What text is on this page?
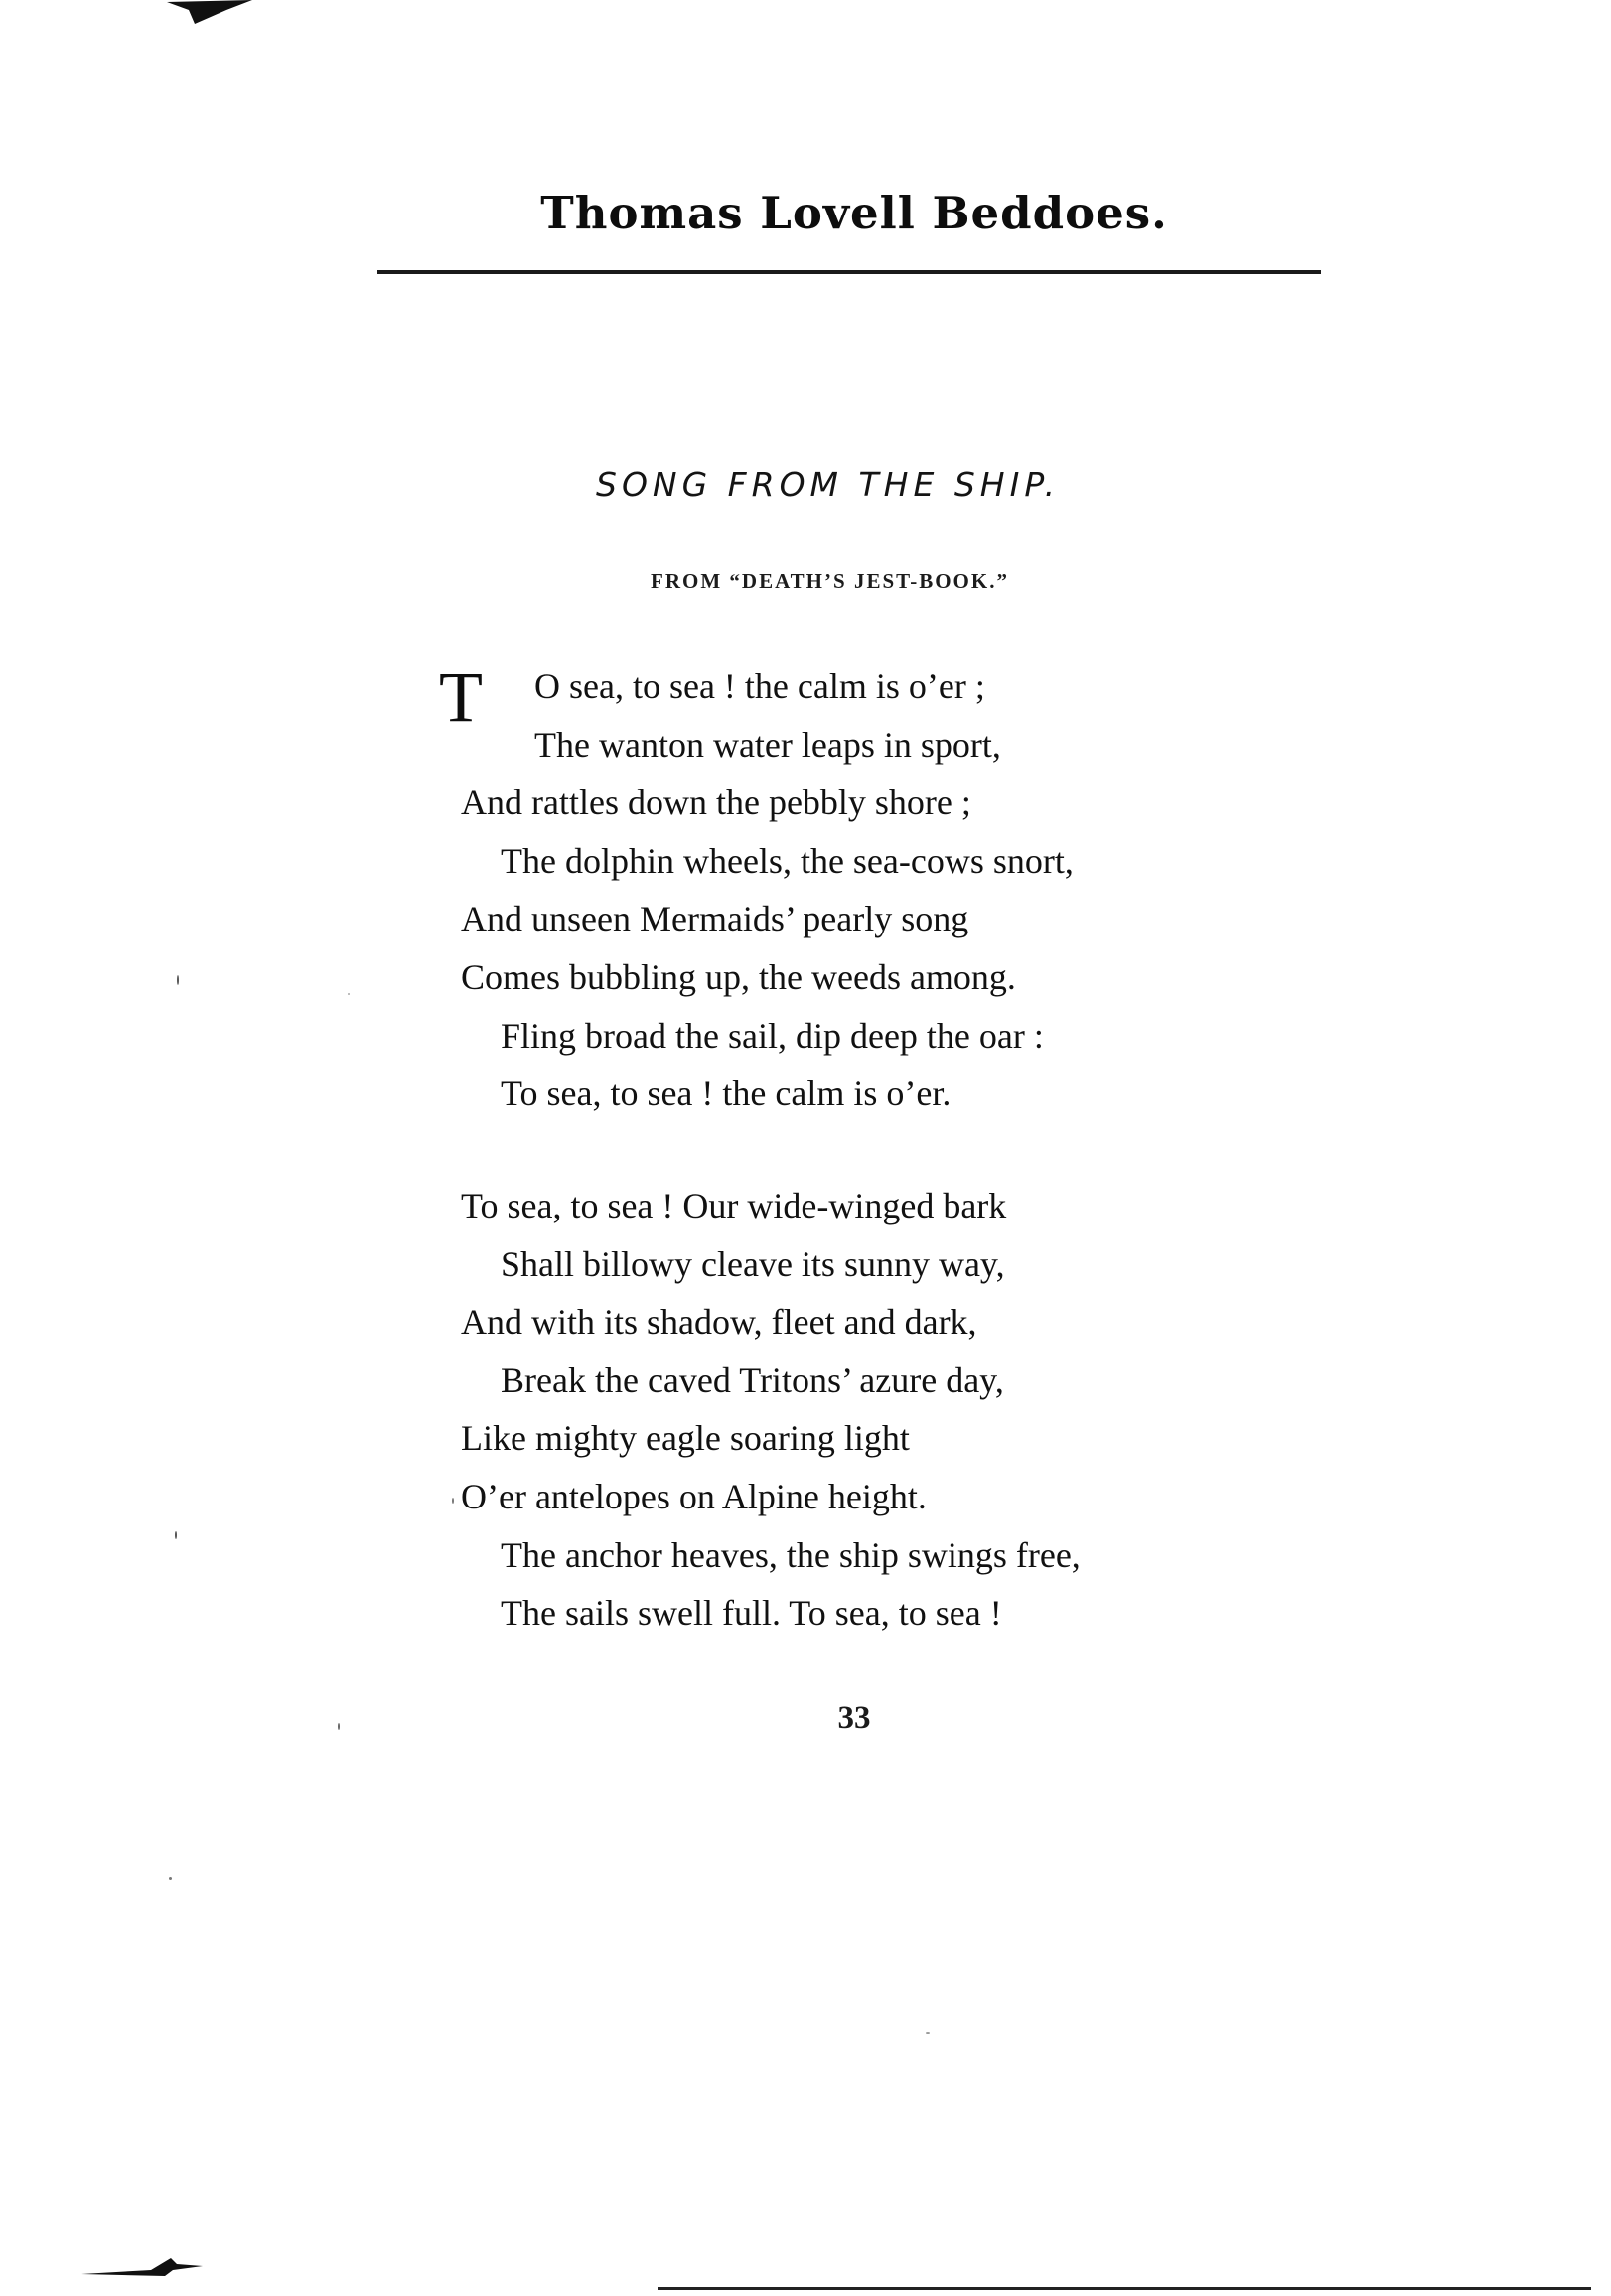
Thomas Lovell Beddoes.
SONG FROM THE SHIP.
FROM “DEATH’S JEST-BOOK.”
T O sea, to sea ! the calm is o’er ;
The wanton water leaps in sport,
And rattles down the pebbly shore ;
The dolphin wheels, the sea-cows snort,
And unseen Mermaids’ pearly song
Comes bubbling up, the weeds among.
Fling broad the sail, dip deep the oar :
To sea, to sea ! the calm is o’er.
To sea, to sea ! Our wide-winged bark
Shall billowy cleave its sunny way,
And with its shadow, fleet and dark,
Break the caved Tritons’ azure day,
Like mighty eagle soaring light
O’er antelopes on Alpine height.
The anchor heaves, the ship swings free,
The sails swell full. To sea, to sea !
33
